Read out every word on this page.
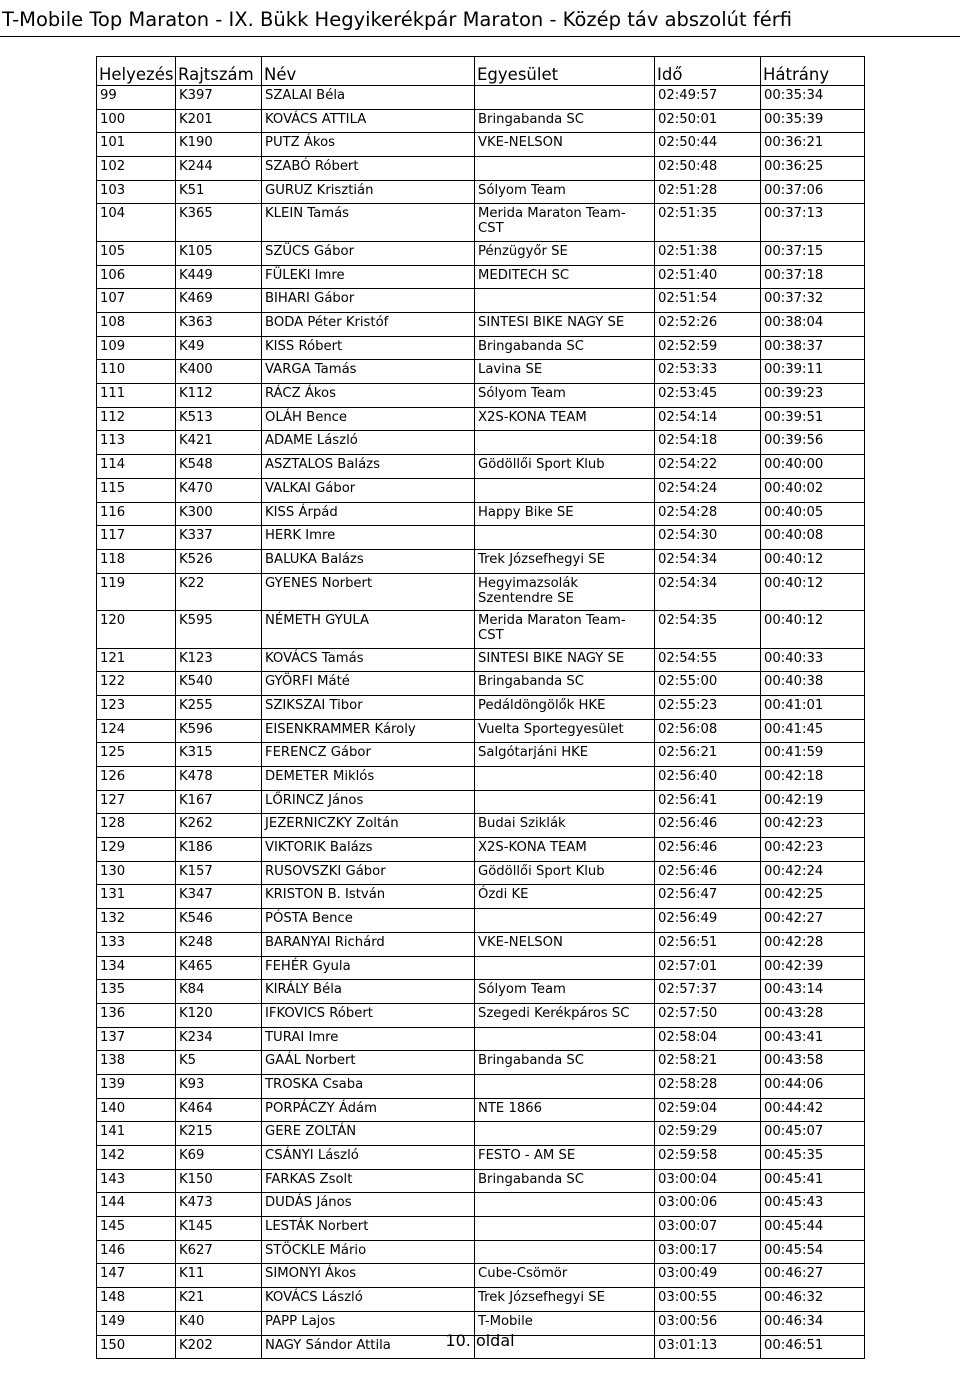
T-Mobile Top Maraton - IX. Bükk Hegyikerékpár Maraton - Közép táv abszolút férfi
Helyezés	Rajtszám	Név	Egyesület	Idő	Hátrány
99	K397	SZALAI Béla		02:49:57	00:35:34
100	K201	KOVÁCS ATTILA	Bringabanda SC	02:50:01	00:35:39
101	K190	PUTZ Ákos	VKE-NELSON	02:50:44	00:36:21
102	K244	SZABÓ Róbert		02:50:48	00:36:25
103	K51	GURUZ Krisztián	Sólyom Team	02:51:28	00:37:06
104	K365	KLEIN Tamás	Merida Maraton Team-CST	02:51:35	00:37:13
105	K105	SZÜCS Gábor	Pénzügyőr SE	02:51:38	00:37:15
106	K449	FÜLEKI Imre	MEDITECH SC	02:51:40	00:37:18
107	K469	BIHARI Gábor		02:51:54	00:37:32
108	K363	BODA Péter Kristóf	SINTESI BIKE NAGY SE	02:52:26	00:38:04
109	K49	KISS Róbert	Bringabanda SC	02:52:59	00:38:37
110	K400	VARGA Tamás	Lavina SE	02:53:33	00:39:11
111	K112	RÁCZ Ákos	Sólyom Team	02:53:45	00:39:23
112	K513	OLÁH Bence	X2S-KONA TEAM	02:54:14	00:39:51
113	K421	ADAME László		02:54:18	00:39:56
114	K548	ASZTALOS Balázs	Gödöllői Sport Klub	02:54:22	00:40:00
115	K470	VALKAI Gábor		02:54:24	00:40:02
116	K300	KISS Árpád	Happy Bike SE	02:54:28	00:40:05
117	K337	HERK Imre		02:54:30	00:40:08
118	K526	BALUKA Balázs	Trek Józsefhegyi SE	02:54:34	00:40:12
119	K22	GYENES Norbert	Hegyimazsolák Szentendre SE	02:54:34	00:40:12
120	K595	NÉMETH GYULA	Merida Maraton Team-CST	02:54:35	00:40:12
121	K123	KOVÁCS Tamás	SINTESI BIKE NAGY SE	02:54:55	00:40:33
122	K540	GYÖRFI Máté	Bringabanda SC	02:55:00	00:40:38
123	K255	SZIKSZAI Tibor	Pedáldöngölők HKE	02:55:23	00:41:01
124	K596	EISENKRAMMER Károly	Vuelta Sportegyesület	02:56:08	00:41:45
125	K315	FERENCZ Gábor	Salgótarjáni HKE	02:56:21	00:41:59
126	K478	DEMETER Miklós		02:56:40	00:42:18
127	K167	LŐRINCZ János		02:56:41	00:42:19
128	K262	JEZERNICZKY Zoltán	Budai Sziklák	02:56:46	00:42:23
129	K186	VIKTORIK Balázs	X2S-KONA TEAM	02:56:46	00:42:23
130	K157	RUSOVSZKI Gábor	Gödöllői Sport Klub	02:56:46	00:42:24
131	K347	KRISTON B. István	Ózdi KE	02:56:47	00:42:25
132	K546	PÓSTA Bence		02:56:49	00:42:27
133	K248	BARANYAI Richárd	VKE-NELSON	02:56:51	00:42:28
134	K465	FEHÉR Gyula		02:57:01	00:42:39
135	K84	KIRÁLY Béla	Sólyom Team	02:57:37	00:43:14
136	K120	IFKOVICS Róbert	Szegedi Kerékpáros SC	02:57:50	00:43:28
137	K234	TURAI Imre		02:58:04	00:43:41
138	K5	GAÁL Norbert	Bringabanda SC	02:58:21	00:43:58
139	K93	TROSKA Csaba		02:58:28	00:44:06
140	K464	PORPÁCZY Ádám	NTE 1866	02:59:04	00:44:42
141	K215	GERE ZOLTÁN		02:59:29	00:45:07
142	K69	CSÁNYI László	FESTO - AM SE	02:59:58	00:45:35
143	K150	FARKAS Zsolt	Bringabanda SC	03:00:04	00:45:41
144	K473	DUDÁS János		03:00:06	00:45:43
145	K145	LESTÁK Norbert		03:00:07	00:45:44
146	K627	STÖCKLE Mário		03:00:17	00:45:54
147	K11	SIMONYI Ákos	Cube-Csömör	03:00:49	00:46:27
148	K21	KOVÁCS László	Trek Józsefhegyi SE	03:00:55	00:46:32
149	K40	PAPP Lajos	T-Mobile	03:00:56	00:46:34
150	K202	NAGY Sándor Attila		03:01:13	00:46:51
10. oldal
